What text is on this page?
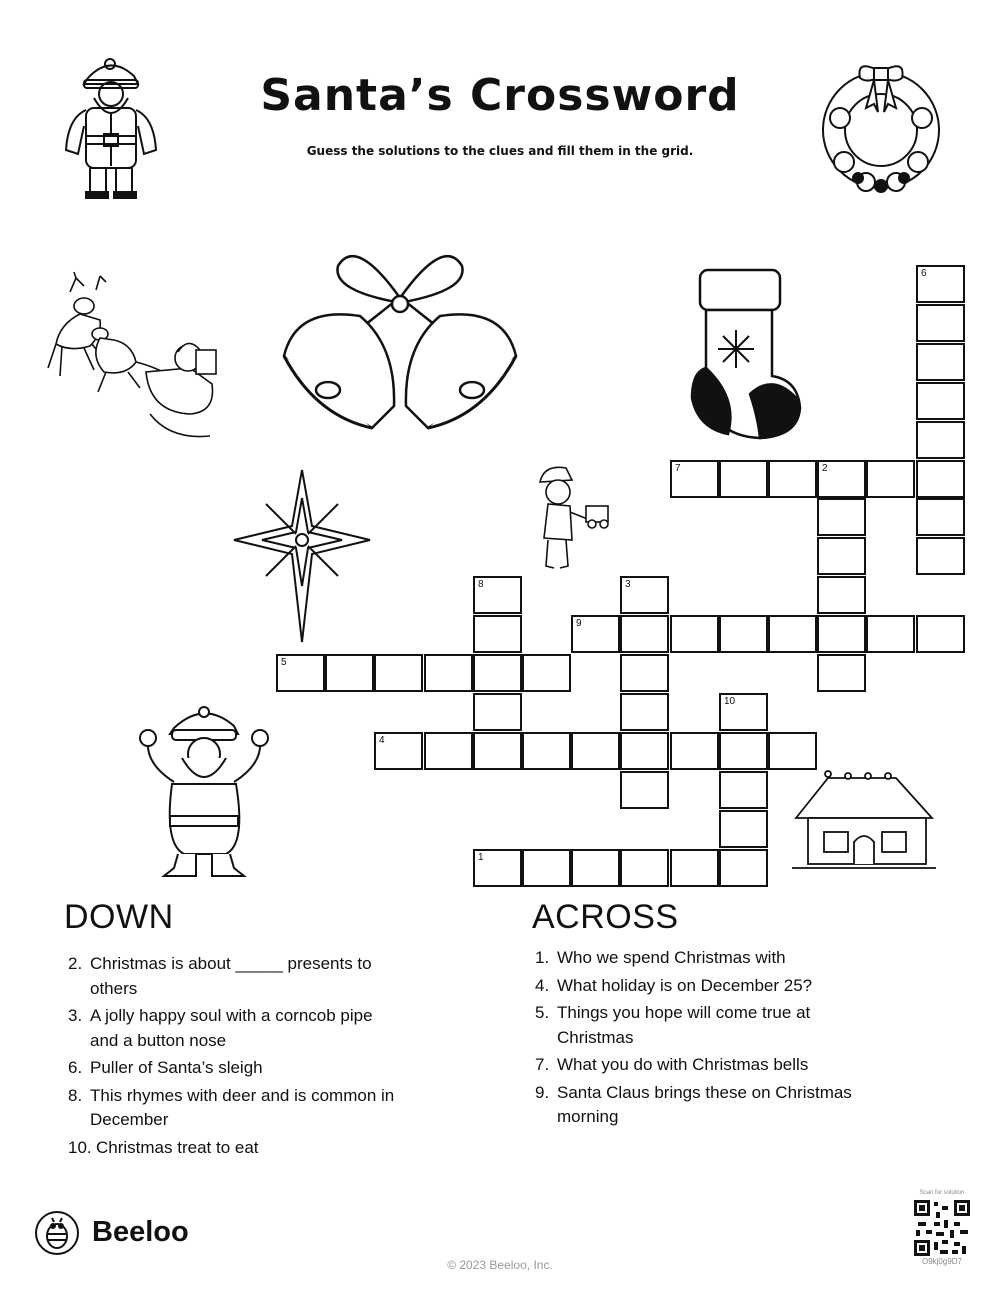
Santa’s Crossword
Guess the solutions to the clues and fill them in the grid.
6
7	2
8	3
9
5
10
4
1
DOWN
2. Christmas is about _____ presents to others
3. A jolly happy soul with a corncob pipe and a button nose
6. Puller of Santa’s sleigh
8. This rhymes with deer and is common in December
10. Christmas treat to eat
ACROSS
1. Who we spend Christmas with
4. What holiday is on December 25?
5. Things you hope will come true at Christmas
7. What you do with Christmas bells
9. Santa Claus brings these on Christmas morning
Beeloo
© 2023 Beeloo, Inc.
Scan for solution
O9kj0g9D7
